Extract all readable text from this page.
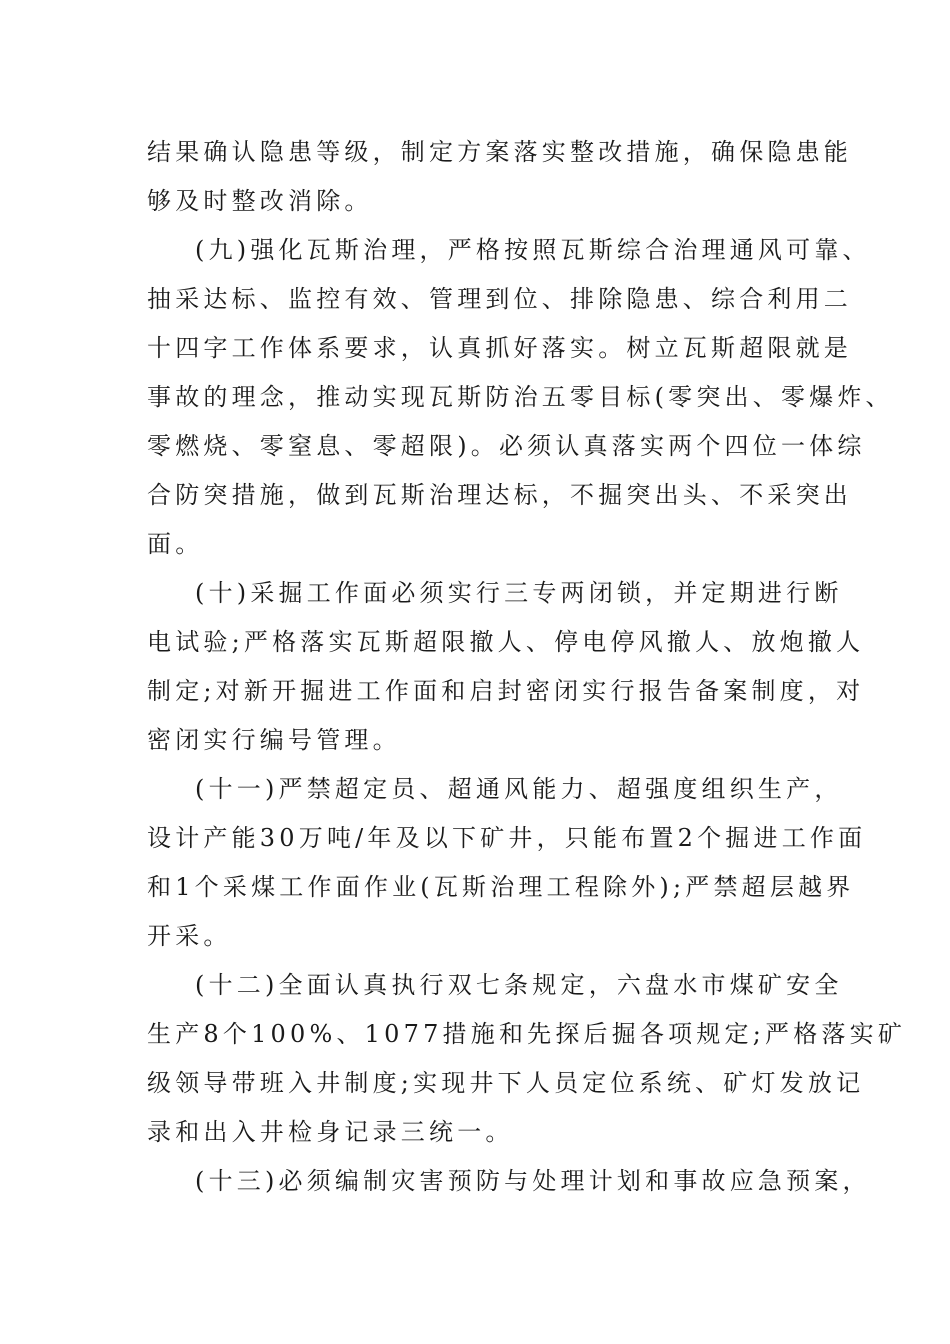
结果确认隐患等级，制定方案落实整改措施，确保隐患能
够及时整改消除。
(九)强化瓦斯治理，严格按照瓦斯综合治理通风可靠、
抽采达标、监控有效、管理到位、排除隐患、综合利用二
十四字工作体系要求，认真抓好落实。树立瓦斯超限就是
事故的理念，推动实现瓦斯防治五零目标(零突出、零爆炸、
零燃烧、零窒息、零超限)。必须认真落实两个四位一体综
合防突措施，做到瓦斯治理达标，不掘突出头、不采突出
面。
(十)采掘工作面必须实行三专两闭锁，并定期进行断
电试验;严格落实瓦斯超限撤人、停电停风撤人、放炮撤人
制定;对新开掘进工作面和启封密闭实行报告备案制度，对
密闭实行编号管理。
(十一)严禁超定员、超通风能力、超强度组织生产，
设计产能30万吨/年及以下矿井，只能布置2个掘进工作面
和1个采煤工作面作业(瓦斯治理工程除外);严禁超层越界
开采。
(十二)全面认真执行双七条规定，六盘水市煤矿安全
生产8个100%、1077措施和先探后掘各项规定;严格落实矿
级领导带班入井制度;实现井下人员定位系统、矿灯发放记
录和出入井检身记录三统一。
(十三)必须编制灾害预防与处理计划和事故应急预案，
